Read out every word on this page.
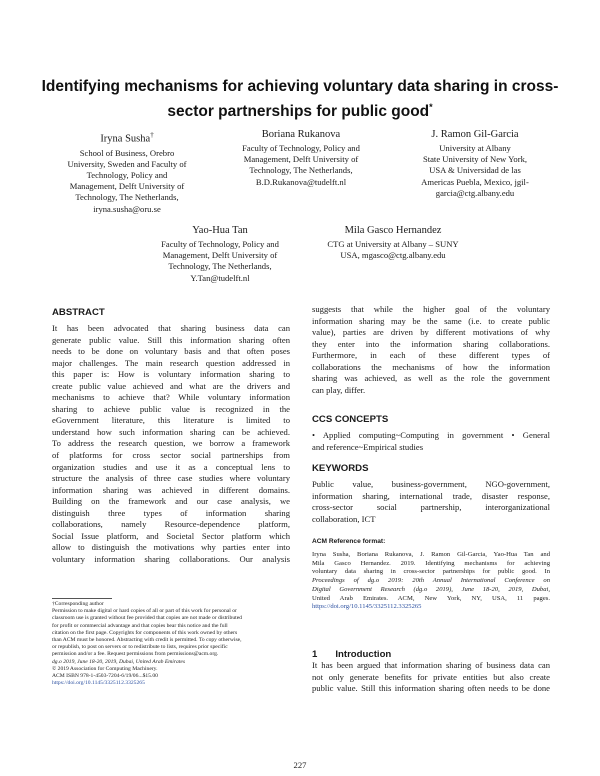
Identifying mechanisms for achieving voluntary data sharing in cross-
sector partnerships for public good*
Iryna Susha†
School of Business, Orebro
University, Sweden and Faculty of
Technology, Policy and
Management, Delft University of
Technology, The Netherlands,
iryna.susha@oru.se
Boriana Rukanova
Faculty of Technology, Policy and
Management, Delft University of
Technology, The Netherlands,
B.D.Rukanova@tudelft.nl
J. Ramon Gil-Garcia
University at Albany
State University of New York,
USA & Universidad de las
Americas Puebla, Mexico, jgil-
garcia@ctg.albany.edu
Yao-Hua Tan
Faculty of Technology, Policy and
Management, Delft University of
Technology, The Netherlands,
Y.Tan@tudelft.nl
Mila Gasco Hernandez
CTG at University at Albany – SUNY
USA, mgasco@ctg.albany.edu
ABSTRACT
It has been advocated that sharing business data can
generate public value. Still this information sharing often
needs to be done on voluntary basis and that often poses
major challenges. The main research question addressed in
this paper is: How is voluntary information sharing to
create public value achieved and what are the drivers and
mechanisms to achieve that? While voluntary information
sharing to achieve public value is recognized in the
eGovernment literature, this literature is limited to
understand how such information sharing can be achieved.
To address the research question, we borrow a framework
of platforms for cross sector social partnerships from
organization studies and use it as a conceptual lens to
structure the analysis of three case studies where voluntary
information sharing was achieved in different domains.
Building on the framework and our case analysis, we
distinguish three types of information sharing
collaborations, namely Resource-dependence platform,
Social Issue platform, and Societal Sector platform which
allow to distinguish the motivations why parties enter into
voluntary information sharing collaborations. Our analysis
†Corresponding author
Permission to make digital or hard copies of all or part of this work for personal or
classroom use is granted without fee provided that copies are not made or distributed
for profit or commercial advantage and that copies bear this notice and the full
citation on the first page. Copyrights for components of this work owned by others
than ACM must be honored. Abstracting with credit is permitted. To copy otherwise,
or republish, to post on servers or to redistribute to lists, requires prior specific
permission and/or a fee. Request permissions from permissions@acm.org.
dg.o 2019, June 18-20, 2019, Dubai, United Arab Emirates
© 2019 Association for Computing Machinery.
ACM ISBN 978-1-4503-7204-6/19/06...$15.00
https://doi.org/10.1145/3325112.3325265
suggests that while the higher goal of the voluntary
information sharing may be the same (i.e. to create public
value), parties are driven by different motivations of why
they enter into the information sharing collaborations.
Furthermore, in each of these different types of
collaborations the mechanisms of how the information
sharing was achieved, as well as the role the government
can play, differ.
CCS CONCEPTS
• Applied computing~Computing in government • General
and reference~Empirical studies
KEYWORDS
Public value, business-government, NGO-government,
information sharing, international trade, disaster response,
cross-sector social partnership, interorganizational
collaboration, ICT
ACM Reference format:
Iryna Susha, Boriana Rukanova, J. Ramon Gil-Garcia, Yao-Hua Tan and
Mila Gasco Hernandez. 2019. Identifying mechanisms for achieving
voluntary data sharing in cross-sector partnerships for public good. In
Proceedings of dg.o 2019: 20th Annual International Conference on
Digital Government Research (dg.o 2019), June 18-20, 2019, Dubai,
United Arab Emirates. ACM, New York, NY, USA, 11 pages.
https://doi.org/10.1145/3325112.3325265
1 Introduction
It has been argued that information sharing of business data can
not only generate benefits for private entities but also create
public value. Still this information sharing often needs to be done
227
